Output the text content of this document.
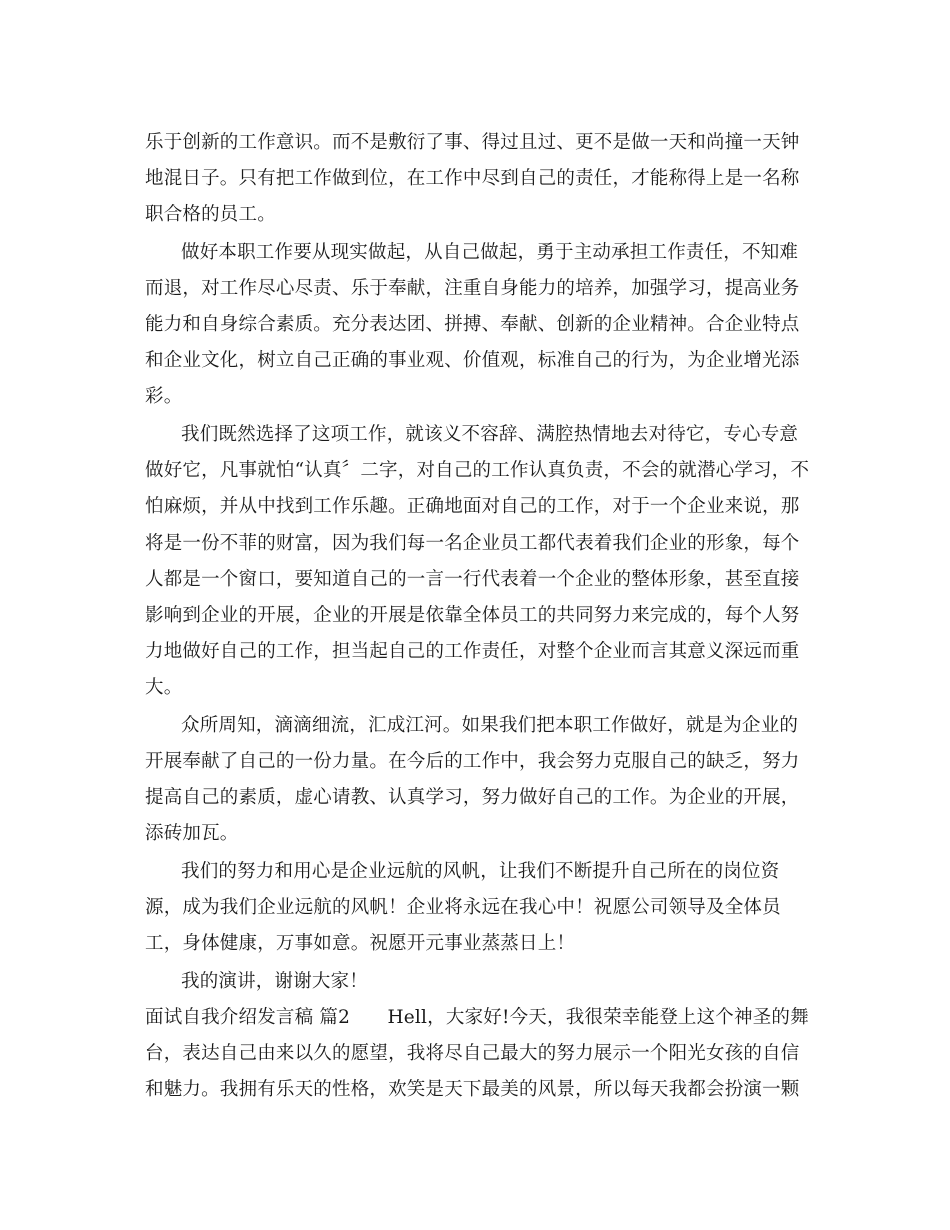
乐于创新的工作意识。而不是敷衍了事、得过且过、更不是做一天和尚撞一天钟
地混日子。只有把工作做到位，在工作中尽到自己的责任，才能称得上是一名称
职合格的员工。
做好本职工作要从现实做起，从自己做起，勇于主动承担工作责任，不知难
而退，对工作尽心尽责、乐于奉献，注重自身能力的培养，加强学习，提高业务
能力和自身综合素质。充分表达团、拼搏、奉献、创新的企业精神。合企业特点
和企业文化，树立自己正确的事业观、价值观，标准自己的行为，为企业增光添
彩。
我们既然选择了这项工作，就该义不容辞、满腔热情地去对待它，专心专意
做好它，凡事就怕“认真〞二字，对自己的工作认真负责，不会的就潜心学习，不
怕麻烦，并从中找到工作乐趣。正确地面对自己的工作，对于一个企业来说，那
将是一份不菲的财富，因为我们每一名企业员工都代表着我们企业的形象，每个
人都是一个窗口，要知道自己的一言一行代表着一个企业的整体形象，甚至直接
影响到企业的开展，企业的开展是依靠全体员工的共同努力来完成的，每个人努
力地做好自己的工作，担当起自己的工作责任，对整个企业而言其意义深远而重
大。
众所周知，滴滴细流，汇成江河。如果我们把本职工作做好，就是为企业的
开展奉献了自己的一份力量。在今后的工作中，我会努力克服自己的缺乏，努力
提高自己的素质，虚心请教、认真学习，努力做好自己的工作。为企业的开展，
添砖加瓦。
我们的努力和用心是企业远航的风帆，让我们不断提升自己所在的岗位资
源，成为我们企业远航的风帆！企业将永远在我心中！祝愿公司领导及全体员
工，身体健康，万事如意。祝愿开元事业蒸蒸日上！
我的演讲，谢谢大家！
面试自我介绍发言稿 篇2　　Hell，大家好!今天，我很荣幸能登上这个神圣的舞
台，表达自己由来以久的愿望，我将尽自己最大的努力展示一个阳光女孩的自信
和魅力。我拥有乐天的性格，欢笑是天下最美的风景，所以每天我都会扮演一颗
